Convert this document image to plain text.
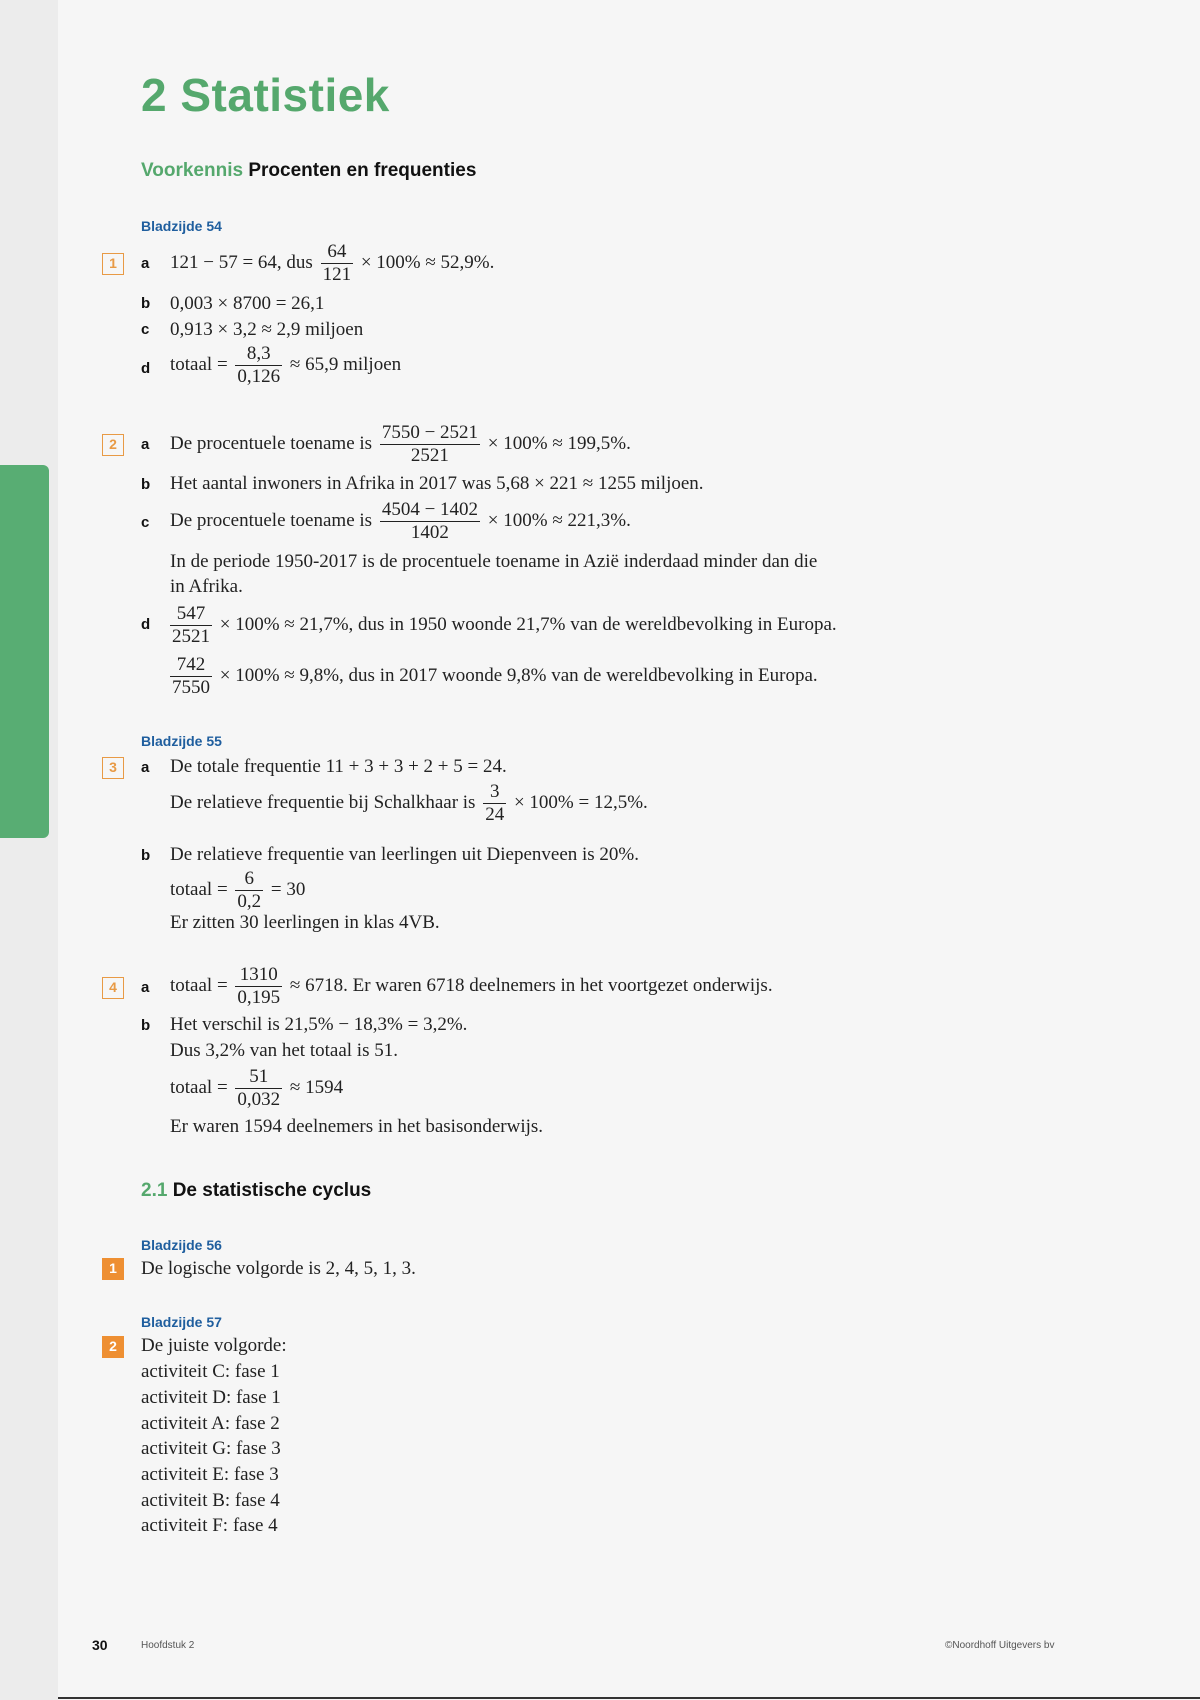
2 Statistiek
Voorkennis Procenten en frequenties
Bladzijde 54
1	a 121 − 57 = 64, dus $\frac{64}{121} \times 100\% \approx 52,9\%$.
b 0,003 × 8700 = 26,1
c 0,913 × 3,2 ≈ 2,9 miljoen
d totaal = $\frac{8,3}{0,126} \approx 65,9$ miljoen
2	a De procentuele toename is $\frac{7550 - 2521}{2521} \times 100\% \approx 199,5\%$.
b Het aantal inwoners in Afrika in 2017 was 5,68 × 221 ≈ 1255 miljoen.
c De procentuele toename is $\frac{4504 - 1402}{1402} \times 100\% \approx 221,3\%$.
In de periode 1950-2017 is de procentuele toename in Azië inderdaad minder dan die
in Afrika.
d $\frac{547}{2521} \times 100\% \approx 21,7\%$, dus in 1950 woonde 21,7% van de wereldbevolking in Europa.
$\frac{742}{7550} \times 100\% \approx 9,8\%$, dus in 2017 woonde 9,8% van de wereldbevolking in Europa.
Bladzijde 55
3	a De totale frequentie 11 + 3 + 3 + 2 + 5 = 24.
De relatieve frequentie bij Schalkhaar is $\frac{3}{24} \times 100\% = 12,5\%$.
b De relatieve frequentie van leerlingen uit Diepenveen is 20%.
totaal = $\frac{6}{0,2} = 30$
Er zitten 30 leerlingen in klas 4VB.
4	a totaal = $\frac{1310}{0,195} \approx 6718$. Er waren 6718 deelnemers in het voortgezet onderwijs.
b Het verschil is 21,5% − 18,3% = 3,2%.
Dus 3,2% van het totaal is 51.
totaal = $\frac{51}{0,032} \approx 1594$
Er waren 1594 deelnemers in het basisonderwijs.
2.1 De statistische cyclus
Bladzijde 56
1	De logische volgorde is 2, 4, 5, 1, 3.
Bladzijde 57
2	De juiste volgorde:
activiteit C: fase 1
activiteit D: fase 1
activiteit A: fase 2
activiteit G: fase 3
activiteit E: fase 3
activiteit B: fase 4
activiteit F: fase 4
30	Hoofdstuk 2	©Noordhoff Uitgevers bv
